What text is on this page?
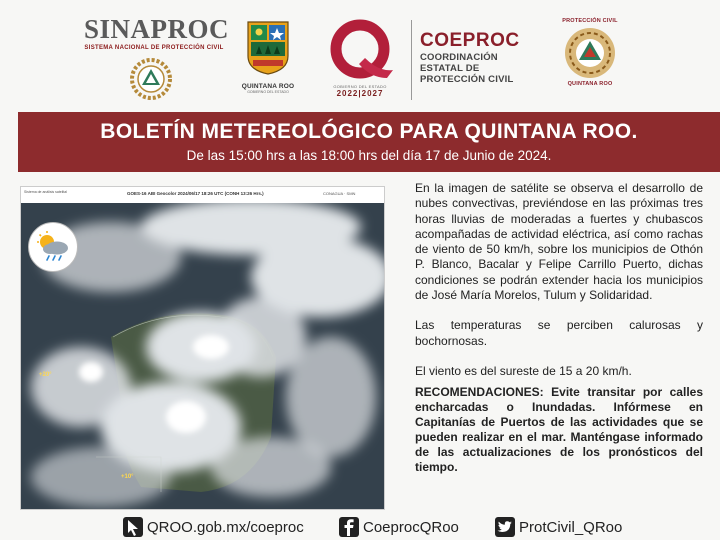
SINAPROC
SISTEMA NACIONAL DE PROTECCIÓN CIVIL
QUINTANA ROO
GOBIERNO DEL ESTADO
GOBIERNO DEL ESTADO
2022|2027
COEPROC
COORDINACIÓN
ESTATAL DE
PROTECCIÓN CIVIL
PROTECCIÓN CIVIL
QUINTANA ROO
BOLETÍN METEREOLÓGICO PARA QUINTANA ROO.
De las 15:00 hrs a las 18:00 hrs del día 17 de Junio de 2024.
Sistema de análisis satelital	GOES-16 ABI Geocolor 2024/06/17 18:26 UTC (CONH 13:26 Hrs.)	CONAGUA · SMN
+20°
+10°

En la imagen de satélite se observa el desarrollo de nubes convectivas, previéndose en las próximas tres horas lluvias de moderadas a fuertes y chubascos acompañadas de actividad eléctrica, así como rachas de viento de 50 km/h, sobre los municipios de Othón P. Blanco, Bacalar y Felipe Carrillo Puerto, dichas condiciones se podrán extender hacia los municipios de José María Morelos, Tulum y Solidaridad.

Las temperaturas se perciben calurosas y bochornosas.

El viento es del sureste de 15 a 20 km/h.

RECOMENDACIONES: Evite transitar por calles encharcadas o Inundadas. Infórmese en Capitanías de Puertos de las actividades que se pueden realizar en el mar. Manténgase informado de las actualizaciones de los pronósticos del tiempo.

QROO.gob.mx/coeproc	CoeprocQRoo	ProtCivil_QRoo
